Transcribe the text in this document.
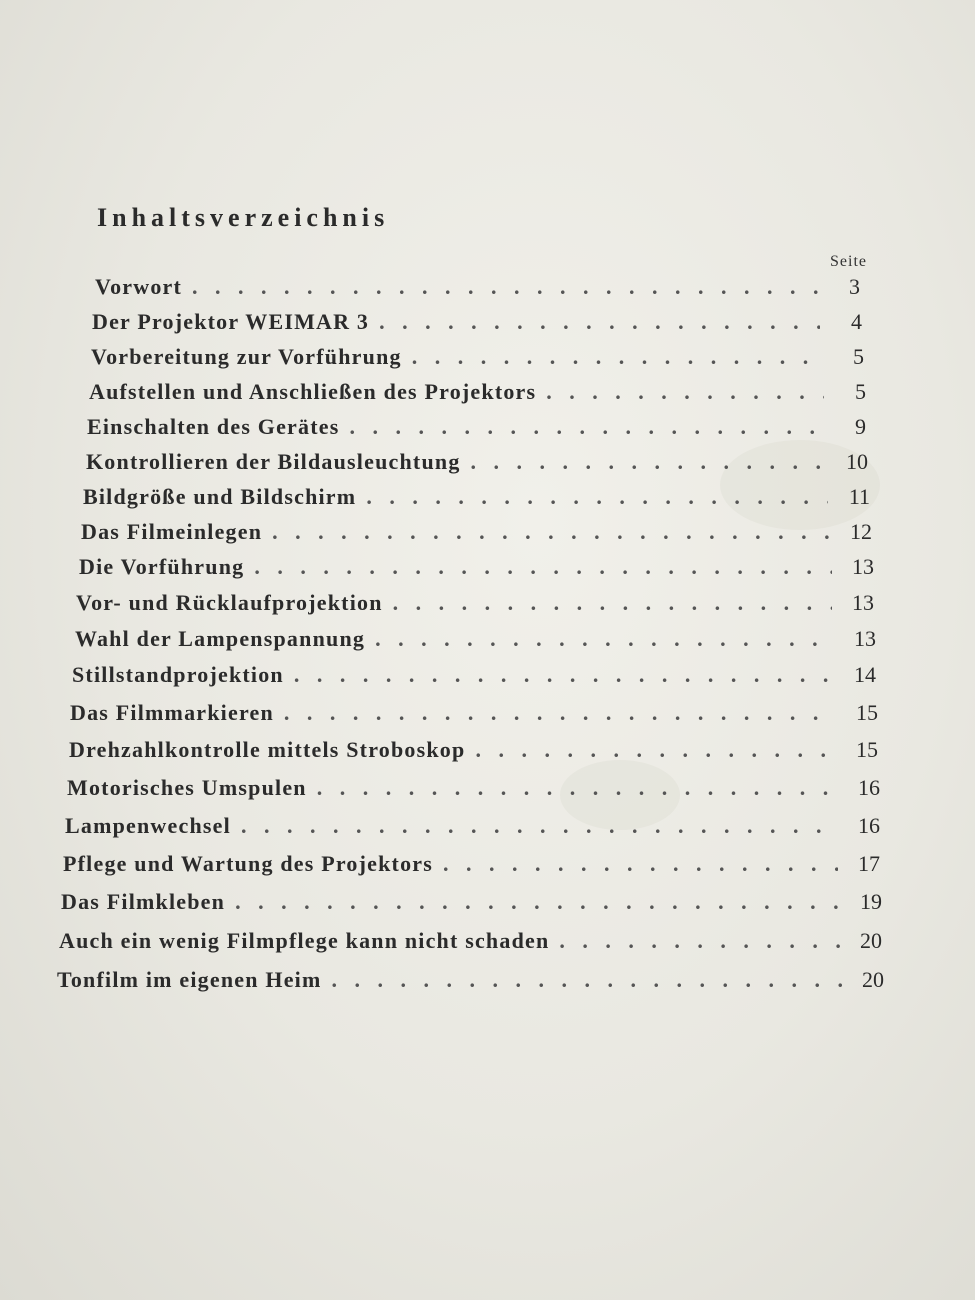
Inhaltsverzeichnis
Seite
Vorwort . . .	3
Der Projektor WEIMAR 3 . . .	4
Vorbereitung zur Vorführung . . .	5
Aufstellen und Anschließen des Projektors . . .	5
Einschalten des Gerätes . . .	9
Kontrollieren der Bildausleuchtung . . .	10
Bildgröße und Bildschirm . . .	11
Das Filmeinlegen . . .	12
Die Vorführung . . .	13
Vor- und Rücklaufprojektion . . .	13
Wahl der Lampenspannung . . .	13
Stillstandprojektion . . .	14
Das Filmmarkieren . . .	15
Drehzahlkontrolle mittels Stroboskop . . .	15
Motorisches Umspulen . . .	16
Lampenwechsel . . .	16
Pflege und Wartung des Projektors . . .	17
Das Filmkleben . . .	19
Auch ein wenig Filmpflege kann nicht schaden . . .	20
Tonfilm im eigenen Heim . . .	20
